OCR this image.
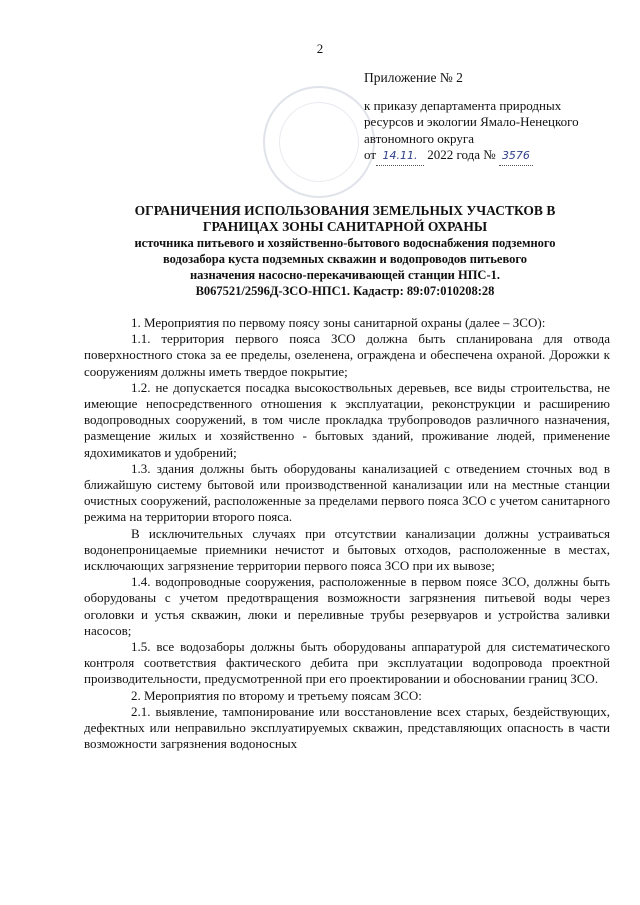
2
Приложение № 2
к приказу департамента природных
ресурсов и экологии Ямало-Ненецкого
автономного округа
от 14.11. 2022 года № 3576
ОГРАНИЧЕНИЯ ИСПОЛЬЗОВАНИЯ ЗЕМЕЛЬНЫХ УЧАСТКОВ В
ГРАНИЦАХ ЗОНЫ САНИТАРНОЙ ОХРАНЫ
источника питьевого и хозяйственно-бытового водоснабжения подземного
водозабора куста подземных скважин и водопроводов питьевого
назначения насосно-перекачивающей станции НПС-1.
В067521/2596Д-ЗСО-НПС1. Кадастр: 89:07:010208:28

1. Мероприятия по первому поясу зоны санитарной охраны (далее – ЗСО):

1.1. территория первого пояса ЗСО должна быть спланирована для отвода поверхностного стока за ее пределы, озеленена, ограждена и обеспечена охраной. Дорожки к сооружениям должны иметь твердое покрытие;

1.2. не допускается посадка высокоствольных деревьев, все виды строительства, не имеющие непосредственного отношения к эксплуатации, реконструкции и расширению водопроводных сооружений, в том числе прокладка трубопроводов различного назначения, размещение жилых и хозяйственно - бытовых зданий, проживание людей, применение ядохимикатов и удобрений;

1.3. здания должны быть оборудованы канализацией с отведением сточных вод в ближайшую систему бытовой или производственной канализации или на местные станции очистных сооружений, расположенные за пределами первого пояса ЗСО с учетом санитарного режима на территории второго пояса.

В исключительных случаях при отсутствии канализации должны устраиваться водонепроницаемые приемники нечистот и бытовых отходов, расположенные в местах, исключающих загрязнение территории первого пояса ЗСО при их вывозе;

1.4. водопроводные сооружения, расположенные в первом поясе ЗСО, должны быть оборудованы с учетом предотвращения возможности загрязнения питьевой воды через оголовки и устья скважин, люки и переливные трубы резервуаров и устройства заливки насосов;

1.5. все водозаборы должны быть оборудованы аппаратурой для систематического контроля соответствия фактического дебита при эксплуатации водопровода проектной производительности, предусмотренной при его проектировании и обосновании границ ЗСО.

2. Мероприятия по второму и третьему поясам ЗСО:

2.1. выявление, тампонирование или восстановление всех старых, бездействующих, дефектных или неправильно эксплуатируемых скважин, представляющих опасность в части возможности загрязнения водоносных
